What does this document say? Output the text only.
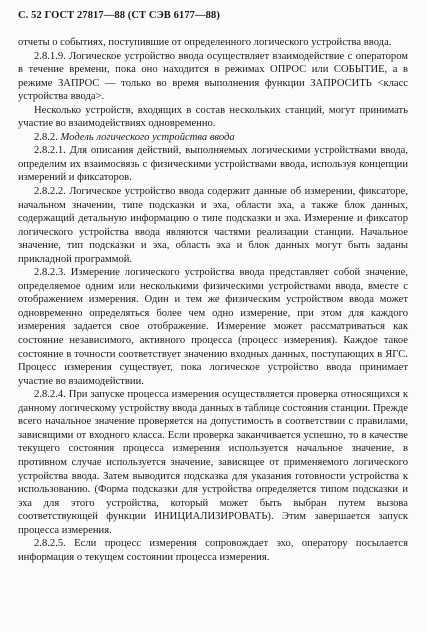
С. 52 ГОСТ 27817—88 (СТ СЭВ 6177—88)

отчеты о событиях, поступившие от определенного логического устройства ввода.

2.8.1.9. Логическое устройство ввода осуществляет взаимодействие с оператором в течение времени, пока оно находится в режимах ОПРОС или СОБЫТИЕ, а в режиме ЗАПРОС — только во время выполнения функции ЗАПРОСИТЬ <класс устройства ввода>.

Несколько устройств, входящих в состав нескольких станций, могут принимать участие во взаимодействиях одновременно.

2.8.2. Модель логического устройства ввода

2.8.2.1. Для описания действий, выполняемых логическими устройствами ввода, определим их взаимосвязь с физическими устройствами ввода, используя концепции измерений и фиксаторов.

2.8.2.2. Логическое устройство ввода содержит данные об измерении, фиксаторе, начальном значении, типе подсказки и эха, области эха, а также блок данных, содержащий детальную информацию о типе подсказки и эха. Измерение и фиксатор логического устройства ввода являются частями реализации станции. Начальное значение, тип подсказки и эха, область эха и блок данных могут быть заданы прикладной программой.

2.8.2.3. Измерение логического устройства ввода представляет собой значение, определяемое одним или несколькими физическими устройствами ввода, вместе с отображением измерения. Один и тем же физическим устройством ввода может одновременно определяться более чем одно измерение, при этом для каждого измерения задается свое отображение. Измерение может рассматриваться как состояние независимого, активного процесса (процесс измерения). Каждое такое состояние в точности соответствует значению входных данных, поступающих в ЯГС. Процесс измерения существует, пока логическое устройство ввода принимает участие во взаимодействии.

2.8.2.4. При запуске процесса измерения осуществляется проверка относящихся к данному логическому устройству ввода данных в таблице состояния станции. Прежде всего начальное значение проверяется на допустимость в соответствии с правилами, зависящими от входного класса. Если проверка заканчивается успешно, то в качестве текущего состояния процесса измерения используется начальное значение, в противном случае используется значение, зависящее от применяемого логического устройства ввода. Затем выводится подсказка для указания готовности устройства к использованию. (Форма подсказки для устройства определяется типом подсказки и эха для этого устройства, который может быть выбран путем вызова соответствующей функции ИНИЦИАЛИЗИРОВАТЬ). Этим завершается запуск процесса измерения.

2.8.2.5. Если процесс измерения сопровождает эхо, оператору посылается информация о текущем состоянии процесса измерения.
